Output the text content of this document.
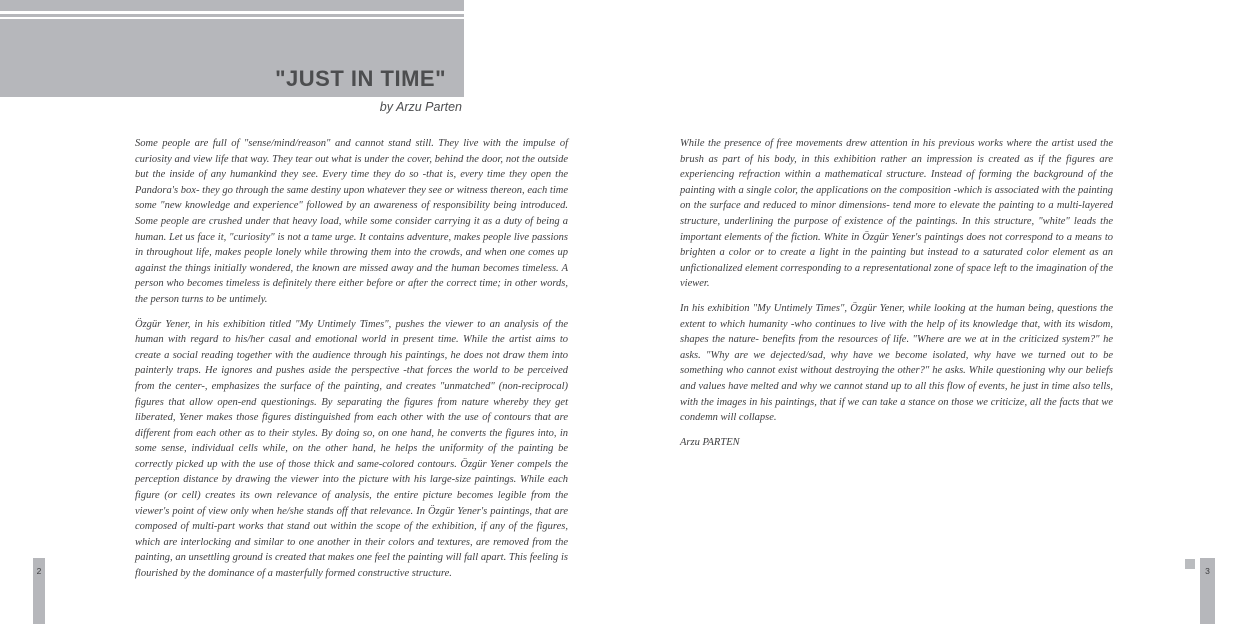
"JUST IN TIME"
by Arzu Parten

Some people are full of "sense/mind/reason" and cannot stand still. They live with the impulse of curiosity and view life that way. They tear out what is under the cover, behind the door, not the outside but the inside of any humankind they see. Every time they do so -that is, every time they open the Pandora's box- they go through the same destiny upon whatever they see or witness thereon, each time some "new knowledge and experience" followed by an awareness of responsibility being introduced. Some people are crushed under that heavy load, while some consider carrying it as a duty of being a human. Let us face it, "curiosity" is not a tame urge. It contains adventure, makes people live passions in throughout life, makes people lonely while throwing them into the crowds, and when one comes up against the things initially wondered, the known are missed away and the human becomes timeless. A person who becomes timeless is definitely there either before or after the correct time; in other words, the person turns to be untimely.

Özgür Yener, in his exhibition titled "My Untimely Times", pushes the viewer to an analysis of the human with regard to his/her casal and emotional world in present time. While the artist aims to create a social reading together with the audience through his paintings, he does not draw them into painterly traps. He ignores and pushes aside the perspective -that forces the world to be perceived from the center-, emphasizes the surface of the painting, and creates "unmatched" (non-reciprocal) figures that allow open-end questionings. By separating the figures from nature whereby they get liberated, Yener makes those figures distinguished from each other with the use of contours that are different from each other as to their styles. By doing so, on one hand, he converts the figures into, in some sense, individual cells while, on the other hand, he helps the uniformity of the painting be correctly picked up with the use of those thick and same-colored contours. Özgür Yener compels the perception distance by drawing the viewer into the picture with his large-size paintings. While each figure (or cell) creates its own relevance of analysis, the entire picture becomes legible from the viewer's point of view only when he/she stands off that relevance. In Özgür Yener's paintings, that are composed of multi-part works that stand out within the scope of the exhibition, if any of the figures, which are interlocking and similar to one another in their colors and textures, are removed from the painting, an unsettling ground is created that makes one feel the painting will fall apart. This feeling is flourished by the dominance of a masterfully formed constructive structure.

While the presence of free movements drew attention in his previous works where the artist used the brush as part of his body, in this exhibition rather an impression is created as if the figures are experiencing refraction within a mathematical structure. Instead of forming the background of the painting with a single color, the applications on the composition -which is associated with the painting on the surface and reduced to minor dimensions- tend more to elevate the painting to a multi-layered structure, underlining the purpose of existence of the paintings. In this structure, "white" leads the important elements of the fiction. White in Özgür Yener's paintings does not correspond to a means to brighten a color or to create a light in the painting but instead to a saturated color element as an unfictionalized element corresponding to a representational zone of space left to the imagination of the viewer.

In his exhibition "My Untimely Times", Özgür Yener, while looking at the human being, questions the extent to which humanity -who continues to live with the help of its knowledge that, with its wisdom, shapes the nature- benefits from the resources of life. "Where are we at in the criticized system?" he asks. "Why are we dejected/sad, why have we become isolated, why have we turned out to be something who cannot exist without destroying the other?" he asks. While questioning why our beliefs and values have melted and why we cannot stand up to all this flow of events, he just in time also tells, with the images in his paintings, that if we can take a stance on those we criticize, all the facts that we condemn will collapse.

Arzu PARTEN
2	3
